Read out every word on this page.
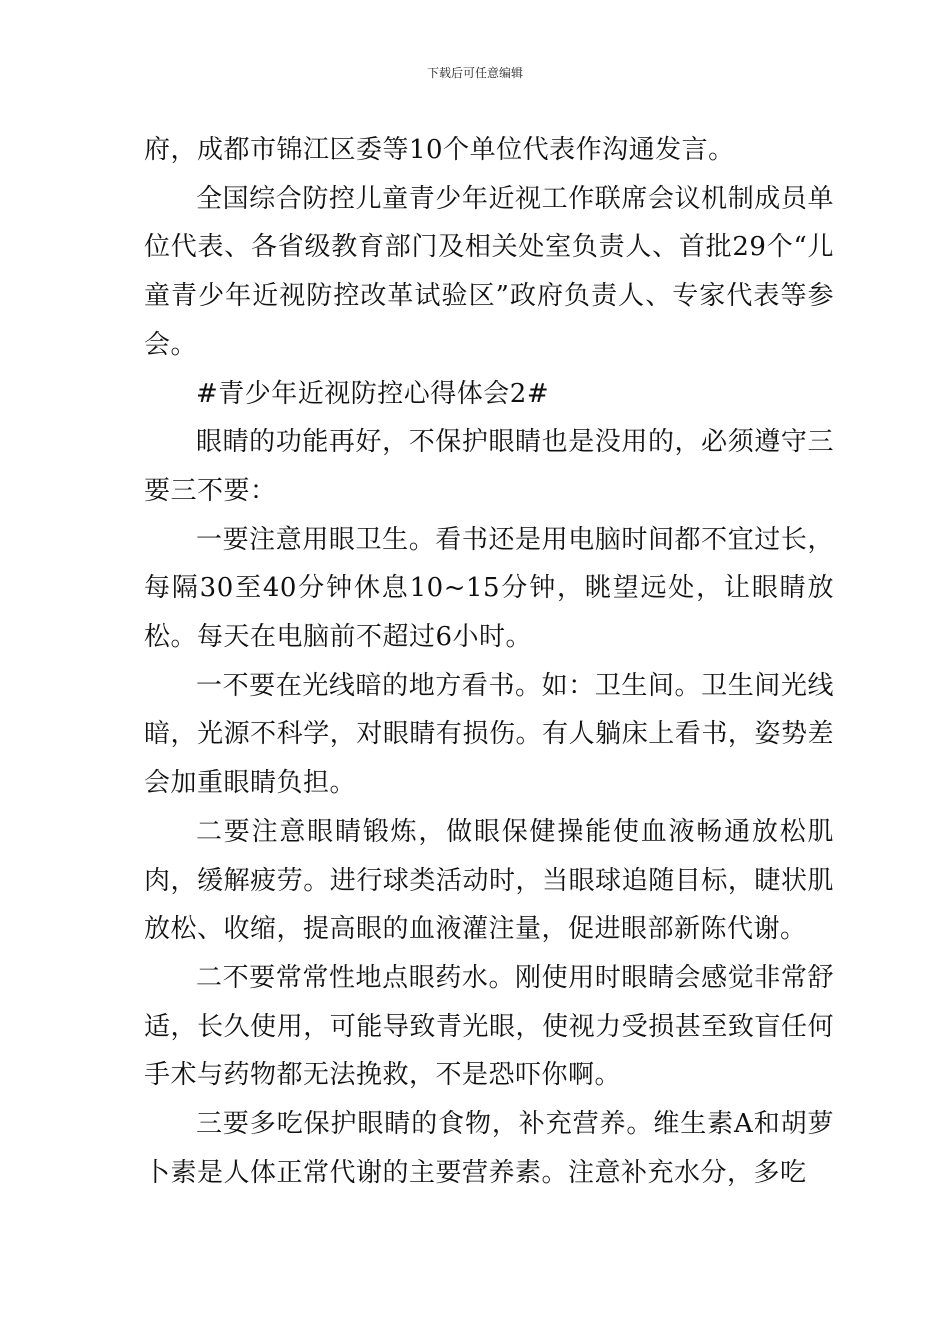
下载后可任意编辑

府，成都市锦江区委等10个单位代表作沟通发言。

全国综合防控儿童青少年近视工作联席会议机制成员单位代表、各省级教育部门及相关处室负责人、首批29个“儿童青少年近视防控改革试验区”政府负责人、专家代表等参会。

#青少年近视防控心得体会2#

眼睛的功能再好，不保护眼睛也是没用的，必须遵守三要三不要：

一要注意用眼卫生。看书还是用电脑时间都不宜过长，每隔30至40分钟休息10~15分钟，眺望远处，让眼睛放松。每天在电脑前不超过6小时。

一不要在光线暗的地方看书。如：卫生间。卫生间光线暗，光源不科学，对眼睛有损伤。有人躺床上看书，姿势差会加重眼睛负担。

二要注意眼睛锻炼，做眼保健操能使血液畅通放松肌肉，缓解疲劳。进行球类活动时，当眼球追随目标，睫状肌放松、收缩，提高眼的血液灌注量，促进眼部新陈代谢。

二不要常常性地点眼药水。刚使用时眼睛会感觉非常舒适，长久使用，可能导致青光眼，使视力受损甚至致盲任何手术与药物都无法挽救，不是恐吓你啊。

三要多吃保护眼睛的食物，补充营养。维生素A和胡萝卜素是人体正常代谢的主要营养素。注意补充水分，多吃
